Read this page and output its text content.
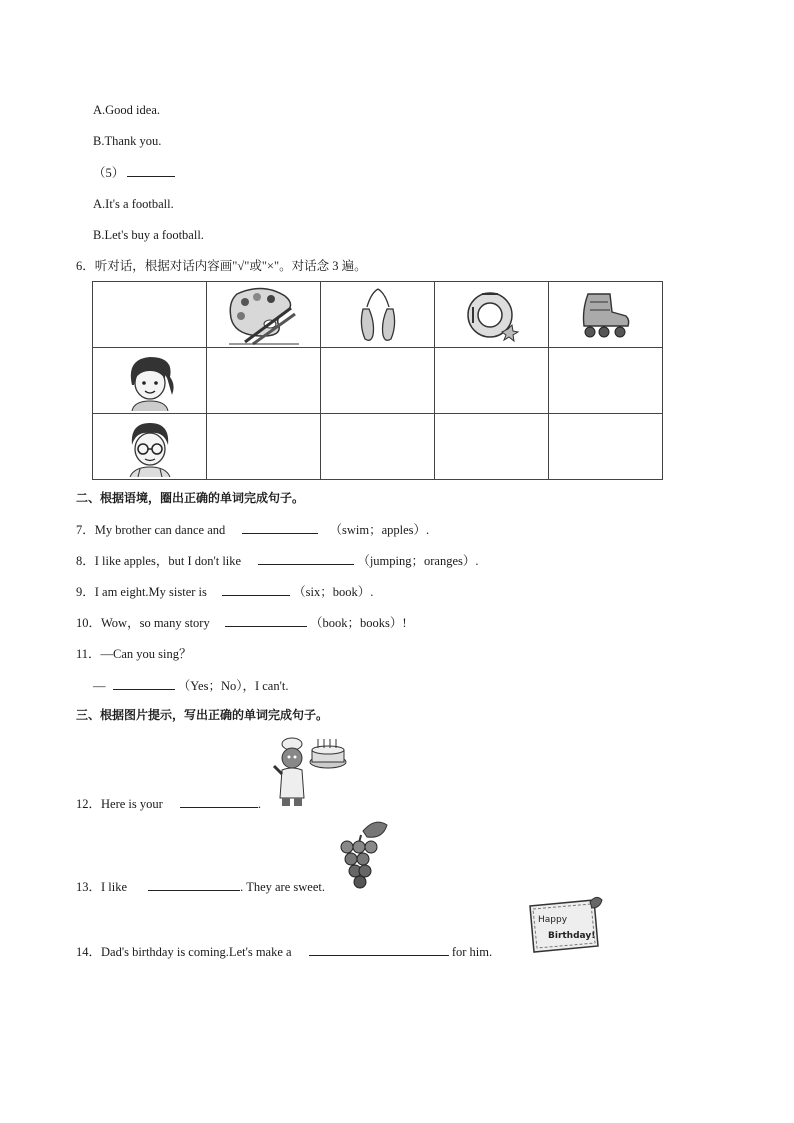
A.Good idea.
B.Thank you.
（5）
A.It's a football.
B.Let's buy a football.
6．听对话，根据对话内容画"√"或"×"。对话念 3 遍。

二、根据语境，圈出正确的单词完成句子。
7．My brother can dance and	（swim；apples）.
8．I like apples，but I don't like	（jumping；oranges）.
9．I am eight.My sister is	（six；book）.
10．Wow，so many story	（book；books）!
11．—Can you sing？
—	（Yes；No），I can't.
三、根据图片提示，写出正确的单词完成句子。
12．Here is your	.
13．I like	. They are sweet.
Happy
Birthday!
14．Dad's birthday is coming.Let's make a	for him.
